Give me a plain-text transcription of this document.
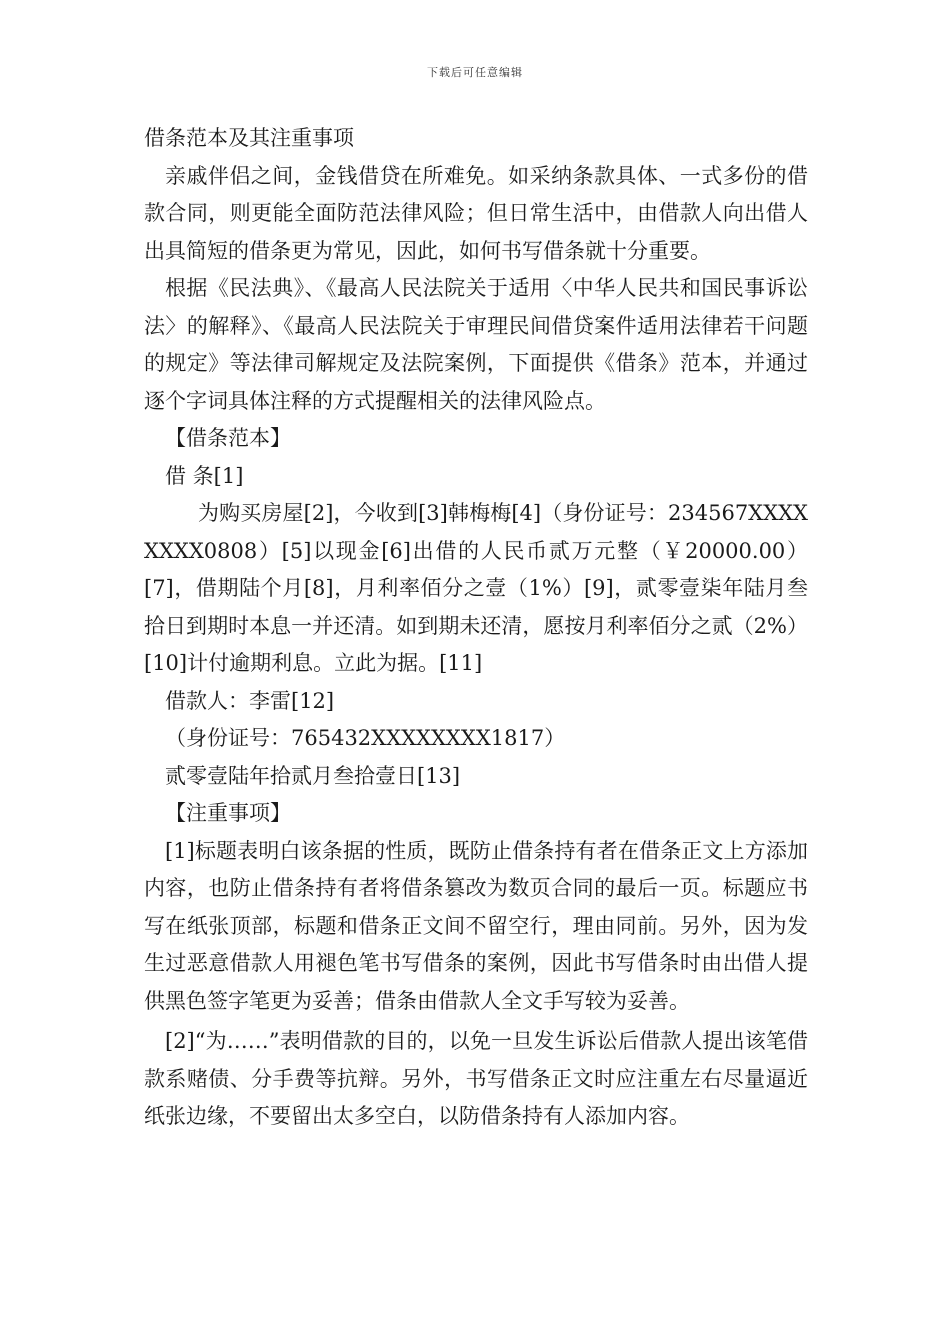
下载后可任意编辑

借条范本及其注重事项

亲戚伴侣之间，金钱借贷在所难免。如采纳条款具体、一式多份的借款合同，则更能全面防范法律风险；但日常生活中，由借款人向出借人出具简短的借条更为常见，因此，如何书写借条就十分重要。

根据《民法典》、《最高人民法院关于适用〈中华人民共和国民事诉讼法〉的解释》、《最高人民法院关于审理民间借贷案件适用法律若干问题的规定》等法律司解规定及法院案例，下面提供《借条》范本，并通过逐个字词具体注释的方式提醒相关的法律风险点。

【借条范本】

借 条[1]

为购买房屋[2]，今收到[3]韩梅梅[4]（身份证号：234567XXXXXXXX0808）[5]以现金[6]出借的人民币贰万元整（￥20000.00）[7]，借期陆个月[8]，月利率佰分之壹（1%）[9]，贰零壹柒年陆月叁拾日到期时本息一并还清。如到期未还清，愿按月利率佰分之贰（2%）[10]计付逾期利息。立此为据。[11]

借款人：李雷[12]

（身份证号：765432XXXXXXXX1817）

贰零壹陆年拾贰月叁拾壹日[13]

【注重事项】

[1]标题表明白该条据的性质，既防止借条持有者在借条正文上方添加内容，也防止借条持有者将借条篡改为数页合同的最后一页。标题应书写在纸张顶部，标题和借条正文间不留空行，理由同前。另外，因为发生过恶意借款人用褪色笔书写借条的案例，因此书写借条时由出借人提供黑色签字笔更为妥善；借条由借款人全文手写较为妥善。

[2]“为……”表明借款的目的，以免一旦发生诉讼后借款人提出该笔借款系赌债、分手费等抗辩。另外，书写借条正文时应注重左右尽量逼近纸张边缘，不要留出太多空白，以防借条持有人添加内容。
